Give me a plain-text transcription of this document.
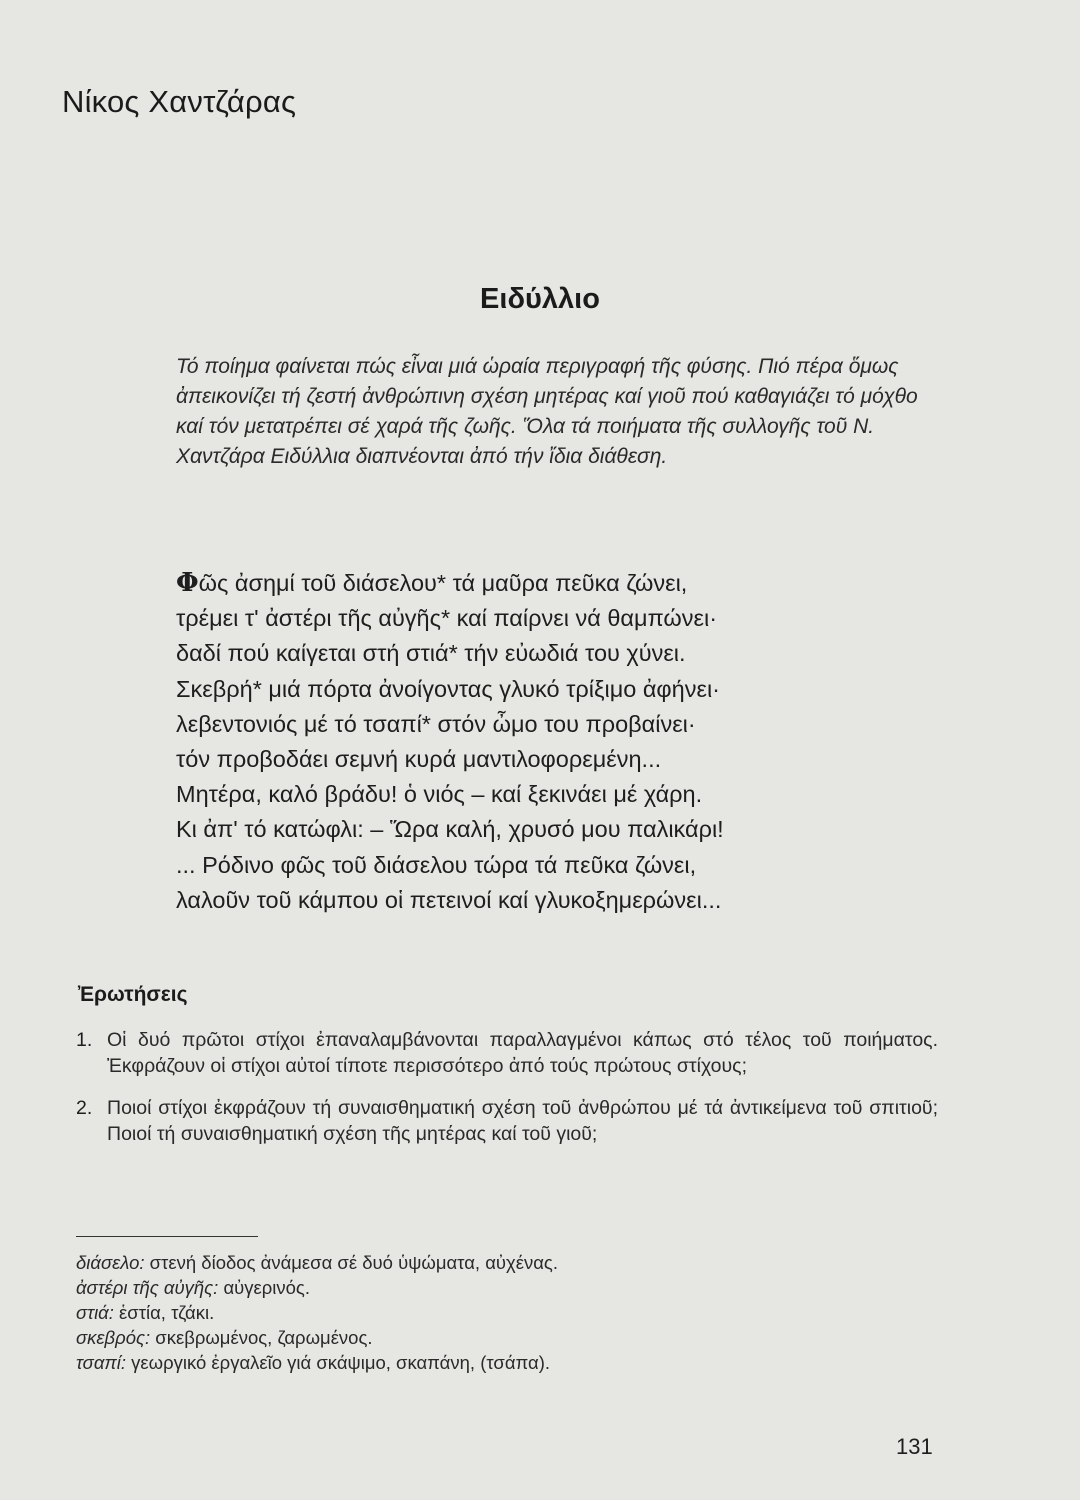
Νίκος Χαντζάρας
Ειδύλλιο
Τό ποίημα φαίνεται πώς εἶναι μιά ὡραία περιγραφή τῆς φύσης. Πιό πέρα ὅμως ἀπεικονίζει τή ζεστή ἀνθρώπινη σχέση μητέρας καί γιοῦ πού καθαγιάζει τό μόχθο καί τόν μετατρέπει σέ χαρά τῆς ζωῆς. Ὅλα τά ποιήματα τῆς συλλογῆς τοῦ Ν. Χαντζάρα Ειδύλλια διαπνέονται ἀπό τήν ἴδια διάθεση.
Φῶς ἀσημί τοῦ διάσελου* τά μαῦρα πεῦκα ζώνει,
τρέμει τ' ἀστέρι τῆς αὐγῆς* καί παίρνει νά θαμπώνει·
δαδί πού καίγεται στή στιά* τήν εὐωδιά του χύνει.
Σκεβρή* μιά πόρτα ἀνοίγοντας γλυκό τρίξιμο ἀφήνει·
λεβεντονιός μέ τό τσαπί* στόν ὦμο του προβαίνει·
τόν προβοδάει σεμνή κυρά μαντιλοφορεμένη...
Μητέρα, καλό βράδυ! ὁ νιός – καί ξεκινάει μέ χάρη.
Κι ἀπ' τό κατώφλι: – Ὥρα καλή, χρυσό μου παλικάρι!
... Ρόδινο φῶς τοῦ διάσελου τώρα τά πεῦκα ζώνει,
λαλοῦν τοῦ κάμπου οἱ πετεινοί καί γλυκοξημερώνει...
Ἐρωτήσεις
1. Οἱ δυό πρῶτοι στίχοι ἐπαναλαμβάνονται παραλλαγμένοι κάπως στό τέλος τοῦ ποιήματος. Ἐκφράζουν οἱ στίχοι αὐτοί τίποτε περισσότερο ἀπό τούς πρώτους στίχους;
2. Ποιοί στίχοι ἐκφράζουν τή συναισθηματική σχέση τοῦ ἀνθρώπου μέ τά ἀντικείμενα τοῦ σπιτιοῦ; Ποιοί τή συναισθηματική σχέση τῆς μητέρας καί τοῦ γιοῦ;
διάσελο: στενή δίοδος ἀνάμεσα σέ δυό ὑψώματα, αὐχένας.
ἀστέρι τῆς αὐγῆς: αὐγερινός.
στιά: ἑστία, τζάκι.
σκεβρός: σκεβρωμένος, ζαρωμένος.
τσαπί: γεωργικό ἐργαλεῖο γιά σκάψιμο, σκαπάνη, (τσάπα).
131
